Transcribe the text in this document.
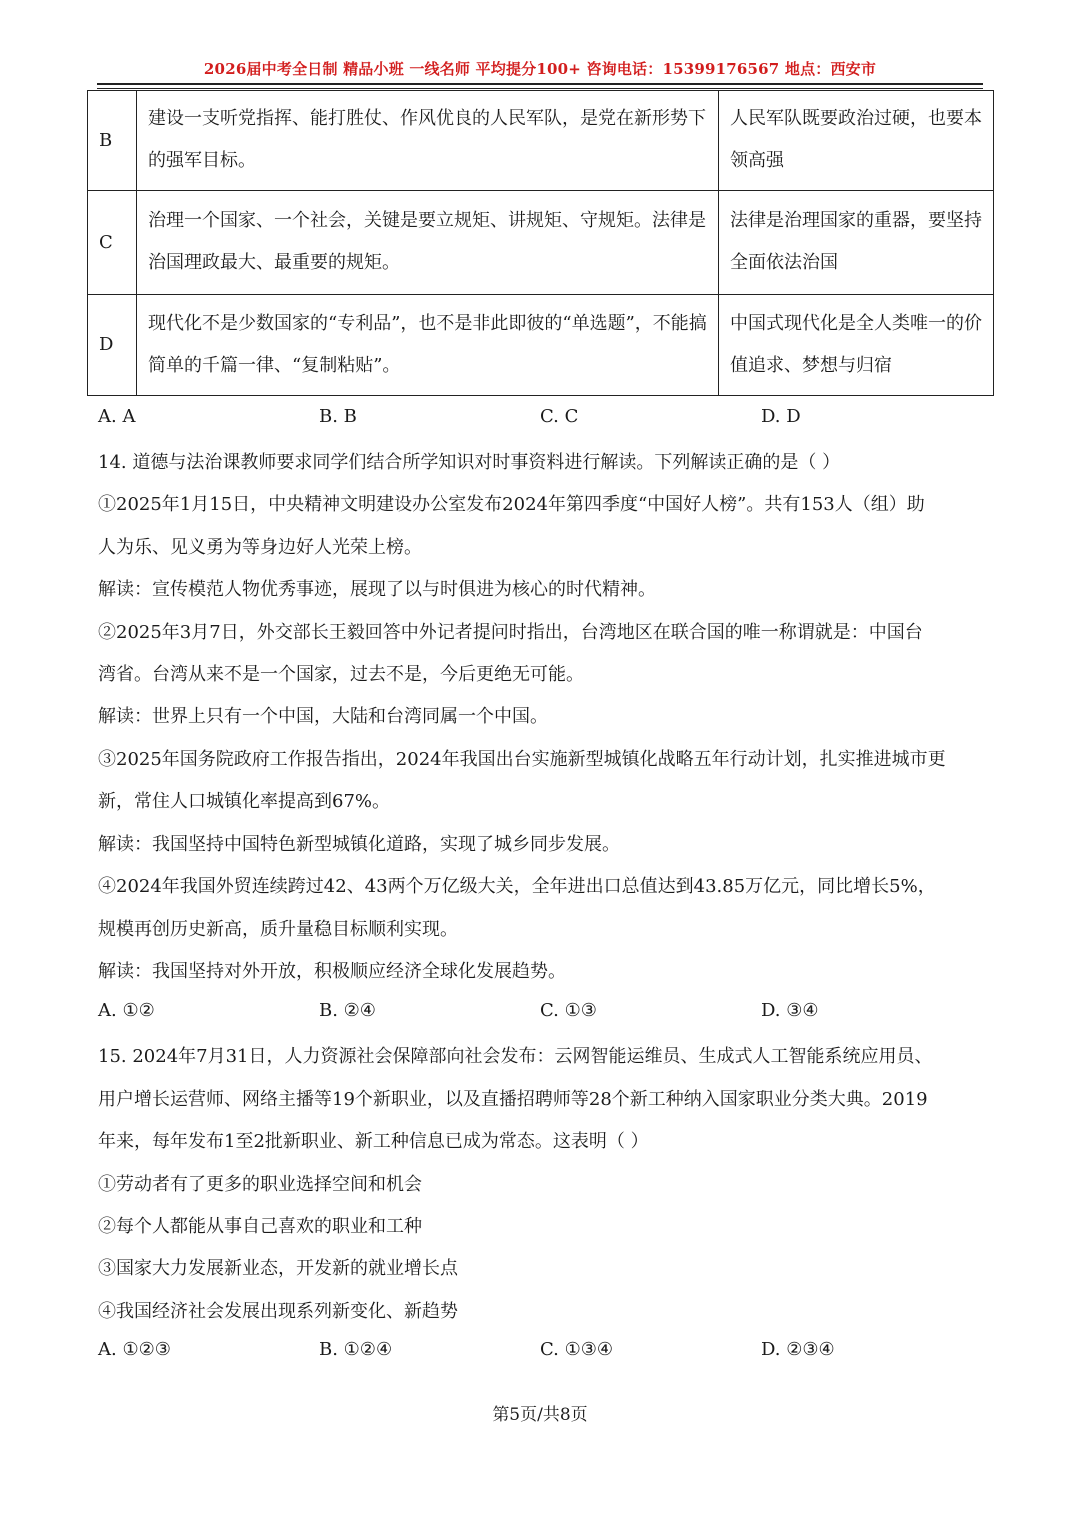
2026届中考全日制 精品小班 一线名师 平均提分100+ 咨询电话：15399176567 地点：西安市
B	建设一支听党指挥、能打胜仗、作风优良的人民军队，是党在新形势下的强军目标。	人民军队既要政治过硬，也要本领高强
C	治理一个国家、一个社会，关键是要立规矩、讲规矩、守规矩。法律是治国理政最大、最重要的规矩。	法律是治理国家的重器，要坚持全面依法治国
D	现代化不是少数国家的“专利品”，也不是非此即彼的“单选题”，不能搞简单的千篇一律、“复制粘贴”。	中国式现代化是全人类唯一的价值追求、梦想与归宿
A. A	B. B	C. C	D. D
14. 道德与法治课教师要求同学们结合所学知识对时事资料进行解读。下列解读正确的是（ ）
①2025年1月15日，中央精神文明建设办公室发布2024年第四季度“中国好人榜”。共有153人（组）助
人为乐、见义勇为等身边好人光荣上榜。
解读：宣传模范人物优秀事迹，展现了以与时俱进为核心的时代精神。
②2025年3月7日，外交部长王毅回答中外记者提问时指出，台湾地区在联合国的唯一称谓就是：中国台
湾省。台湾从来不是一个国家，过去不是，今后更绝无可能。
解读：世界上只有一个中国，大陆和台湾同属一个中国。
③2025年国务院政府工作报告指出，2024年我国出台实施新型城镇化战略五年行动计划，扎实推进城市更
新，常住人口城镇化率提高到67%。
解读：我国坚持中国特色新型城镇化道路，实现了城乡同步发展。
④2024年我国外贸连续跨过42、43两个万亿级大关，全年进出口总值达到43.85万亿元，同比增长5%，
规模再创历史新高，质升量稳目标顺利实现。
解读：我国坚持对外开放，积极顺应经济全球化发展趋势。
A. ①②	B. ②④	C. ①③	D. ③④
15. 2024年7月31日，人力资源社会保障部向社会发布：云网智能运维员、生成式人工智能系统应用员、
用户增长运营师、网络主播等19个新职业，以及直播招聘师等28个新工种纳入国家职业分类大典。2019
年来，每年发布1至2批新职业、新工种信息已成为常态。这表明（ ）
①劳动者有了更多的职业选择空间和机会
②每个人都能从事自己喜欢的职业和工种
③国家大力发展新业态，开发新的就业增长点
④我国经济社会发展出现系列新变化、新趋势
A. ①②③	B. ①②④	C. ①③④	D. ②③④
第5页/共8页
